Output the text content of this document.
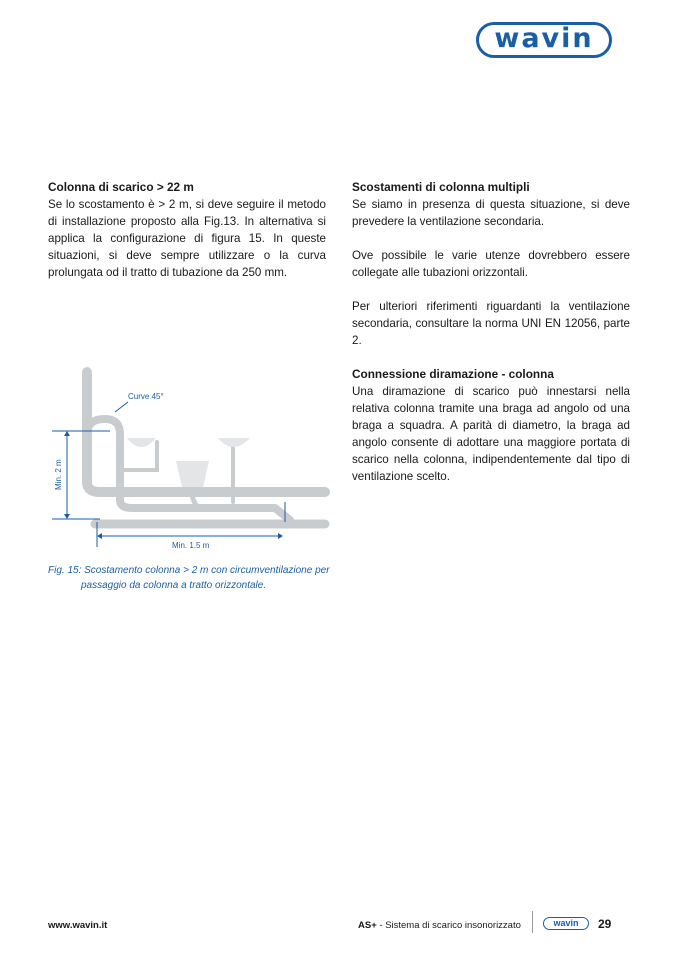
wavin
Colonna di scarico > 22 m

Se lo scostamento è > 2 m, si deve seguire il metodo di installazione proposto alla Fig.13. In alternativa si applica la configurazione di figura 15. In queste situazioni, si deve sempre utilizzare o la curva prolungata od il tratto di tubazione da 250 mm.

Scostamenti di colonna multipli

Se siamo in presenza di questa situazione, si deve prevedere la ventilazione secondaria.

Ove possibile le varie utenze dovrebbero essere collegate alle tubazioni orizzontali.

Per ulteriori riferimenti riguardanti la ventilazione secondaria, consultare la norma UNI EN 12056, parte 2.

Connessione diramazione - colonna

Una diramazione di scarico può innestarsi nella relativa colonna tramite una braga ad angolo od una braga a squadra. A parità di diametro, la braga ad angolo consente di adottare una maggiore portata di scarico nella colonna, indipendentemente dal tipo di ventilazione scelto.

Curve 45°
Min. 2 m
Min. 1.5 m
Fig. 15: Scostamento colonna > 2 m con circumventilazione per
passaggio da colonna a tratto orizzontale.
www.wavin.it	AS+ - Sistema di scarico insonorizzato	wavin	29
